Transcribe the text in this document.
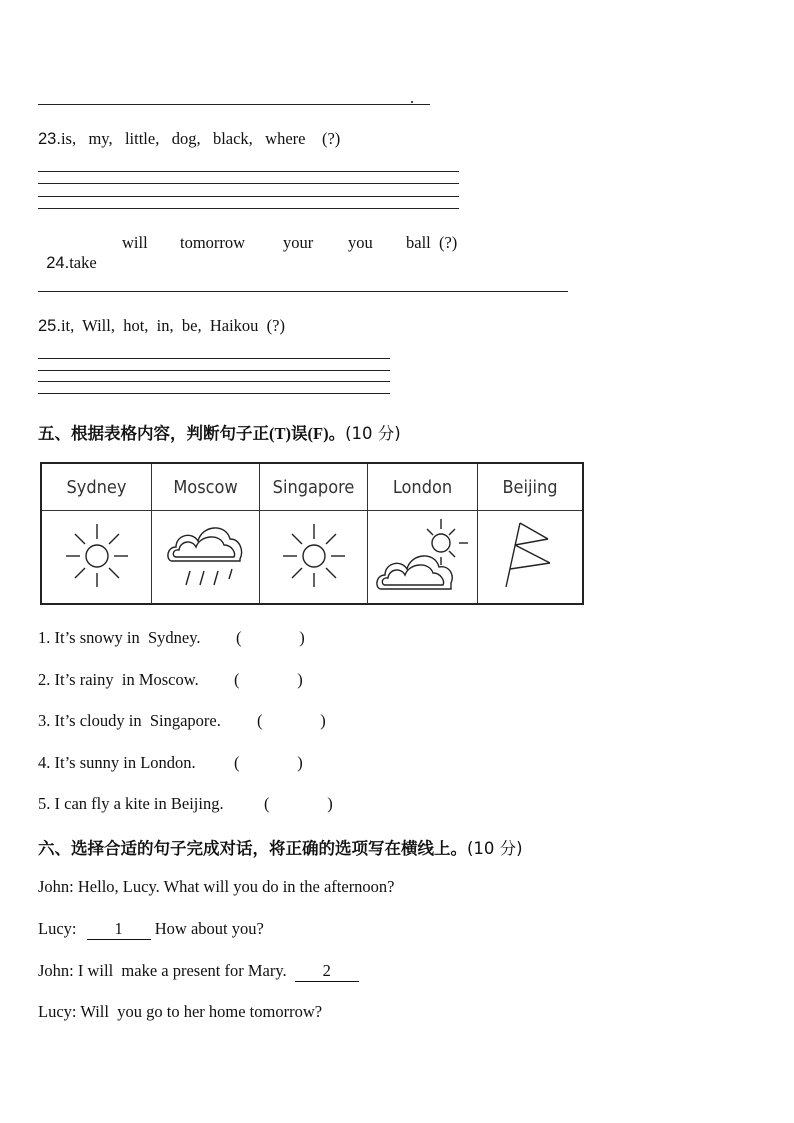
.
23.is,   my,   little,   dog,   black,   where    (?)

24.take

will tomorrow your you ball  (?)
25.it,  Will,  hot,  in,  be,  Haikou  (?)
五、根据表格内容，判断句子正(T)误(F)。(10 分)
Sydney	Moscow	Singapore	London	Beijing

1. It’s snowy in  Sydney. (              )
2. It’s rainy  in Moscow. (              )
3. It’s cloudy in  Singapore. (              )
4. It’s sunny in London. (              )
5. I can fly a kite in Beijing. (              )
六、选择合适的句子完成对话，将正确的选项写在横线上。(10 分)
John: Hello, Lucy. What will you do in the afternoon?
Lucy: 1 How about you?
John: I will  make a present for Mary. 2
Lucy: Will  you go to her home tomorrow?
